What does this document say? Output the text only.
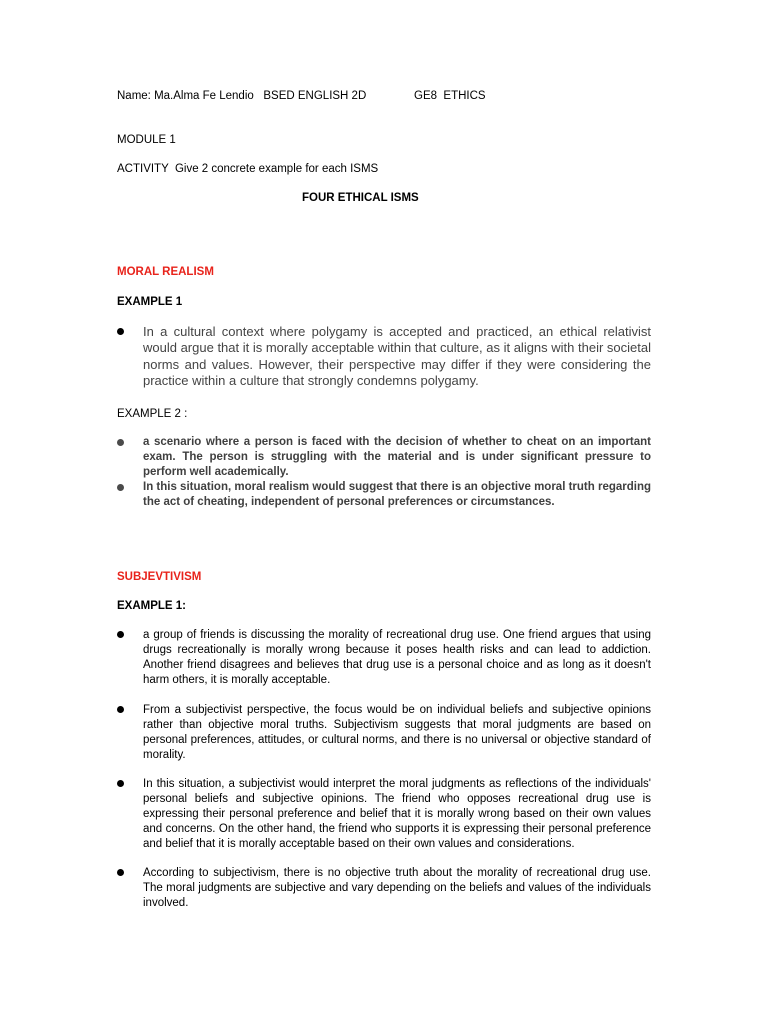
Name: Ma.Alma Fe Lendio   BSED ENGLISH 2D	GE8  ETHICS
MODULE 1
ACTIVITY  Give 2 concrete example for each ISMS
FOUR ETHICAL ISMS
MORAL REALISM
EXAMPLE 1

In a cultural context where polygamy is accepted and practiced, an ethical relativist would argue that it is morally acceptable within that culture, as it aligns with their societal norms and values. However, their perspective may differ if they were considering the practice within a culture that strongly condemns polygamy.

EXAMPLE 2 :

a scenario where a person is faced with the decision of whether to cheat on an important exam. The person is struggling with the material and is under significant pressure to perform well academically.

In this situation, moral realism would suggest that there is an objective moral truth regarding the act of cheating, independent of personal preferences or circumstances.

SUBJEVTIVISM
EXAMPLE 1:

a group of friends is discussing the morality of recreational drug use. One friend argues that using drugs recreationally is morally wrong because it poses health risks and can lead to addiction. Another friend disagrees and believes that drug use is a personal choice and as long as it doesn't harm others, it is morally acceptable.

From a subjectivist perspective, the focus would be on individual beliefs and subjective opinions rather than objective moral truths. Subjectivism suggests that moral judgments are based on personal preferences, attitudes, or cultural norms, and there is no universal or objective standard of morality.

In this situation, a subjectivist would interpret the moral judgments as reflections of the individuals' personal beliefs and subjective opinions. The friend who opposes recreational drug use is expressing their personal preference and belief that it is morally wrong based on their own values and concerns. On the other hand, the friend who supports it is expressing their personal preference and belief that it is morally acceptable based on their own values and considerations.

According to subjectivism, there is no objective truth about the morality of recreational drug use. The moral judgments are subjective and vary depending on the beliefs and values of the individuals involved.
